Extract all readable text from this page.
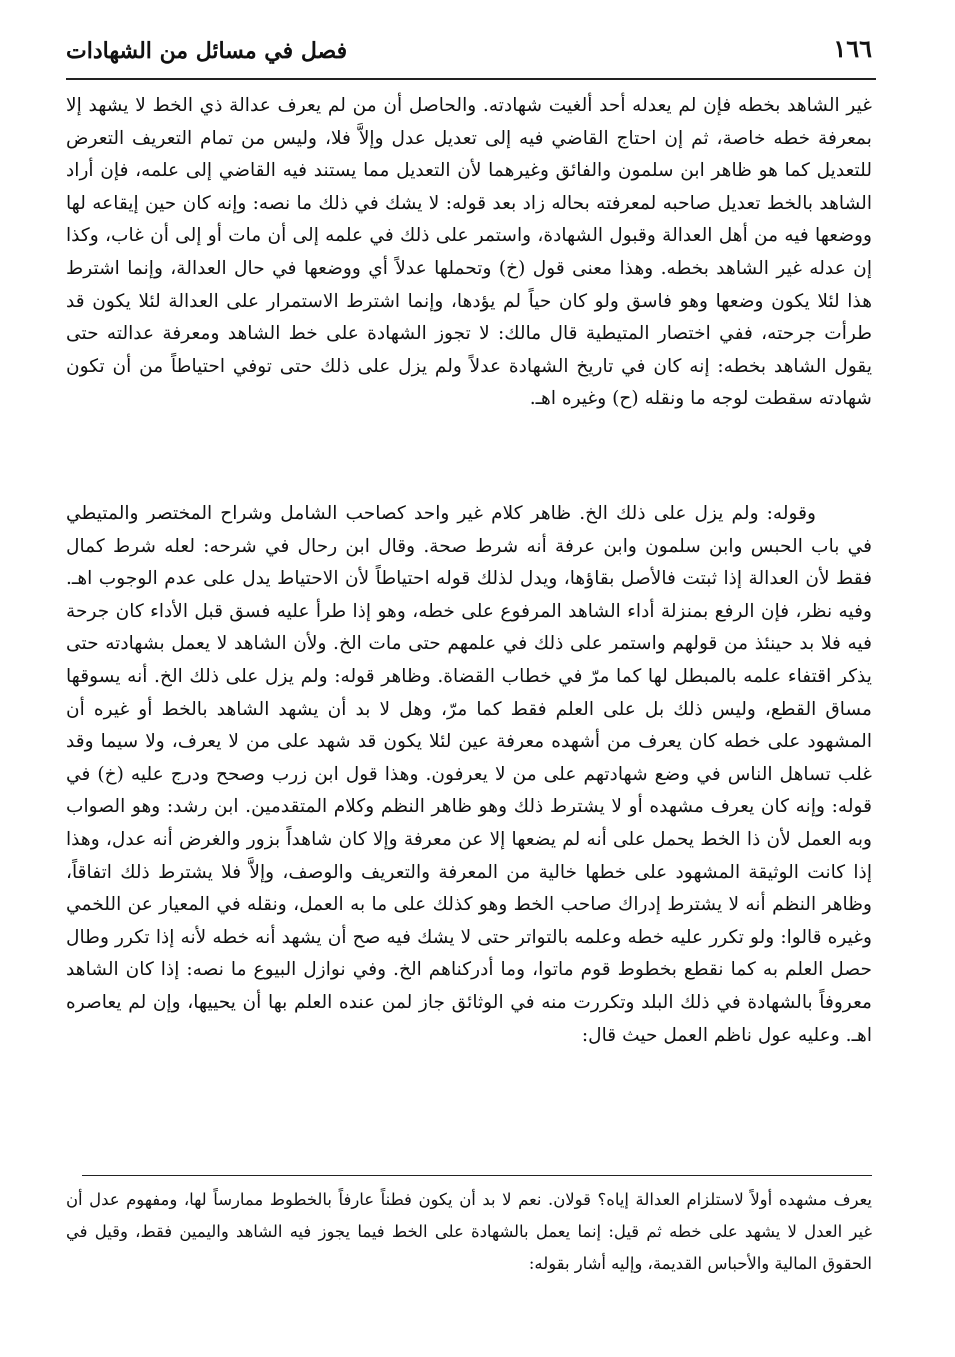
١٦٦
فصل في مسائل من الشهادات

غير الشاهد بخطه فإن لم يعدله أحد ألغيت شهادته. والحاصل أن من لم يعرف عدالة ذي الخط لا يشهد إلا بمعرفة خطه خاصة، ثم إن احتاج القاضي فيه إلى تعديل عدل وإلاَّ فلا، وليس من تمام التعريف التعرض للتعديل كما هو ظاهر ابن سلمون والفائق وغيرهما لأن التعديل مما يستند فيه القاضي إلى علمه، فإن أراد الشاهد بالخط تعديل صاحبه لمعرفته بحاله زاد بعد قوله: لا يشك في ذلك ما نصه: وإنه كان حين إيقاعه لها ووضعها فيه من أهل العدالة وقبول الشهادة، واستمر على ذلك في علمه إلى أن مات أو إلى أن غاب، وكذا إن عدله غير الشاهد بخطه. وهذا معنى قول (خ) وتحملها عدلاً أي ووضعها في حال العدالة، وإنما اشترط هذا لئلا يكون وضعها وهو فاسق ولو كان حياً لم يؤدها، وإنما اشترط الاستمرار على العدالة لئلا يكون قد طرأت جرحته، ففي اختصار المتيطية قال مالك: لا تجوز الشهادة على خط الشاهد ومعرفة عدالته حتى يقول الشاهد بخطه: إنه كان في تاريخ الشهادة عدلاً ولم يزل على ذلك حتى توفي احتياطاً من أن تكون شهادته سقطت لوجه ما ونقله (ح) وغيره اهـ.

وقوله: ولم يزل على ذلك الخ. ظاهر كلام غير واحد كصاحب الشامل وشراح المختصر والمتيطي في باب الحبس وابن سلمون وابن عرفة أنه شرط صحة. وقال ابن رحال في شرحه: لعله شرط كمال فقط لأن العدالة إذا ثبتت فالأصل بقاؤها، ويدل لذلك قوله احتياطاً لأن الاحتياط يدل على عدم الوجوب اهـ. وفيه نظر، فإن الرفع بمنزلة أداء الشاهد المرفوع على خطه، وهو إذا طرأ عليه فسق قبل الأداء كان جرحة فيه فلا بد حينئذ من قولهم واستمر على ذلك في علمهم حتى مات الخ. ولأن الشاهد لا يعمل بشهادته حتى يذكر اقتفاء علمه بالمبطل لها كما مرّ في خطاب القضاة. وظاهر قوله: ولم يزل على ذلك الخ. أنه يسوقها مساق القطع، وليس ذلك بل على العلم فقط كما مرّ، وهل لا بد أن يشهد الشاهد بالخط أو غيره أن المشهود على خطه كان يعرف من أشهده معرفة عين لئلا يكون قد شهد على من لا يعرف، ولا سيما وقد غلب تساهل الناس في وضع شهادتهم على من لا يعرفون. وهذا قول ابن زرب وصحح ودرج عليه (خ) في قوله: وإنه كان يعرف مشهده أو لا يشترط ذلك وهو ظاهر النظم وكلام المتقدمين. ابن رشد: وهو الصواب وبه العمل لأن ذا الخط يحمل على أنه لم يضعها إلا عن معرفة وإلا كان شاهداً بزور والغرض أنه عدل، وهذا إذا كانت الوثيقة المشهود على خطها خالية من المعرفة والتعريف والوصف، وإلاَّ فلا يشترط ذلك اتفاقاً، وظاهر النظم أنه لا يشترط إدراك صاحب الخط وهو كذلك على ما به العمل، ونقله في المعيار عن اللخمي وغيره قالوا: ولو تكرر عليه خطه وعلمه بالتواتر حتى لا يشك فيه صح أن يشهد أنه خطه لأنه إذا تكرر وطال حصل العلم به كما نقطع بخطوط قوم ماتوا، وما أدركناهم الخ. وفي نوازل البيوع ما نصه: إذا كان الشاهد معروفاً بالشهادة في ذلك البلد وتكررت منه في الوثائق جاز لمن عنده العلم بها أن يحييها، وإن لم يعاصره اهـ. وعليه عول ناظم العمل حيث قال:

يعرف مشهده أولاً لاستلزام العدالة إياه؟ قولان. نعم لا بد أن يكون فطناً عارفاً بالخطوط ممارساً لها، ومفهوم عدل أن غير العدل لا يشهد على خطه ثم قيل: إنما يعمل بالشهادة على الخط فيما يجوز فيه الشاهد واليمين فقط، وقيل في الحقوق المالية والأحباس القديمة، وإليه أشار بقوله:
